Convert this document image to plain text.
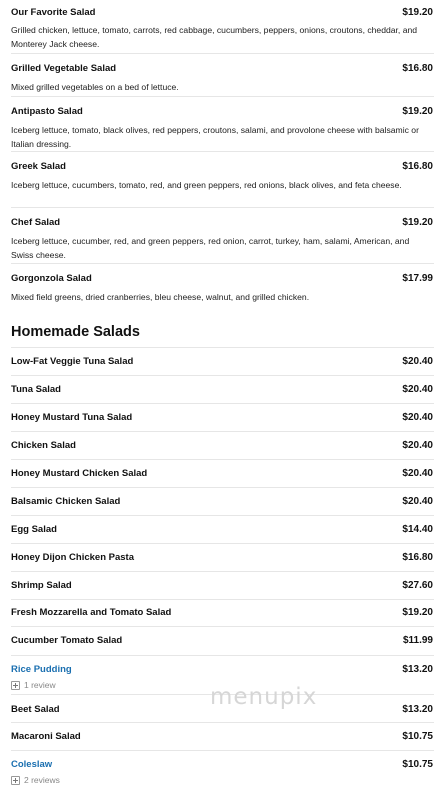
Our Favorite Salad	$19.20
Grilled chicken, lettuce, tomato, carrots, red cabbage, cucumbers, peppers, onions, croutons, cheddar, and Monterey Jack cheese.
Grilled Vegetable Salad	$16.80
Mixed grilled vegetables on a bed of lettuce.
Antipasto Salad	$19.20
Iceberg lettuce, tomato, black olives, red peppers, croutons, salami, and provolone cheese with balsamic or Italian dressing.
Greek Salad	$16.80
Iceberg lettuce, cucumbers, tomato, red, and green peppers, red onions, black olives, and feta cheese.
Chef Salad	$19.20
Iceberg lettuce, cucumber, red, and green peppers, red onion, carrot, turkey, ham, salami, American, and Swiss cheese.
Gorgonzola Salad	$17.99
Mixed field greens, dried cranberries, bleu cheese, walnut, and grilled chicken.
Homemade Salads
Low-Fat Veggie Tuna Salad	$20.40
Tuna Salad	$20.40
Honey Mustard Tuna Salad	$20.40
Chicken Salad	$20.40
Honey Mustard Chicken Salad	$20.40
Balsamic Chicken Salad	$20.40
Egg Salad	$14.40
Honey Dijon Chicken Pasta	$16.80
Shrimp Salad	$27.60
Fresh Mozzarella and Tomato Salad	$19.20
Cucumber Tomato Salad	$11.99
Rice Pudding	$13.20
1 review
Beet Salad	$13.20
Macaroni Salad	$10.75
Coleslaw	$10.75
2 reviews
menupix
